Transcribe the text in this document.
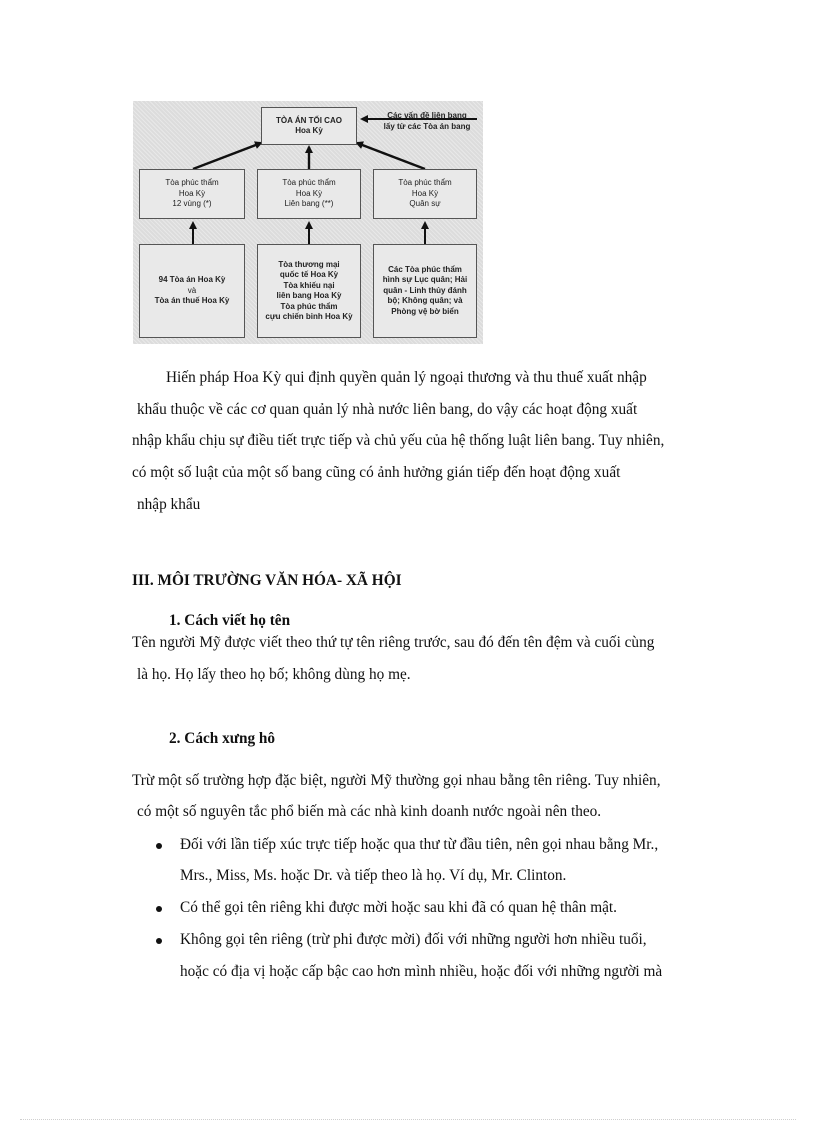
TÒA ÁN TỐI CAO
Hoa Kỳ
Các vấn đề liên bang
lấy từ các Tòa án bang
Tòa phúc thẩm
Hoa Kỳ
12 vùng (*)
Tòa phúc thẩm
Hoa Kỳ
Liên bang (**)
Tòa phúc thẩm
Hoa Kỳ
Quân sự
94 Tòa án Hoa Kỳ
và
Tòa án thuế Hoa Kỳ
Tòa thương mại
quốc tế Hoa Kỳ
Tòa khiếu nại
liên bang Hoa Kỳ
Tòa phúc thẩm
cựu chiến binh Hoa Kỳ
Các Tòa phúc thẩm
hình sự Lục quân; Hải
quân - Linh thủy đánh
bộ; Không quân; và
Phòng vệ bờ biển
Hiến pháp Hoa Kỳ qui định quyền quản lý ngoại thương và thu thuế xuất nhập
khẩu thuộc về các cơ quan quản lý nhà nước liên bang, do vậy các hoạt động xuất
nhập khẩu chịu sự điều tiết trực tiếp và chủ yếu của hệ thống luật liên bang. Tuy nhiên,
có một số luật của một số bang cũng có ảnh hưởng gián tiếp đến hoạt động xuất
nhập khẩu
III. MÔI TRƯỜNG VĂN HÓA- XÃ HỘI
1. Cách viết họ tên
Tên người Mỹ được viết theo thứ tự tên riêng trước, sau đó đến tên đệm và cuối cùng
là họ. Họ lấy theo họ bố; không dùng họ mẹ.
2. Cách xưng hô
Trừ một số trường hợp đặc biệt, người Mỹ thường gọi nhau bằng tên riêng. Tuy nhiên,
có một số nguyên tắc phổ biến mà các nhà kinh doanh nước ngoài nên theo.
Đối với lần tiếp xúc trực tiếp hoặc qua thư từ đầu tiên, nên gọi nhau bằng Mr.,
Mrs., Miss, Ms. hoặc Dr. và tiếp theo là họ. Ví dụ, Mr. Clinton.
Có thể gọi tên riêng khi được mời hoặc sau khi đã có quan hệ thân mật.
Không gọi tên riêng (trừ phi được mời) đối với những người hơn nhiều tuổi,
hoặc có địa vị hoặc cấp bậc cao hơn mình nhiều, hoặc đối với những người mà
